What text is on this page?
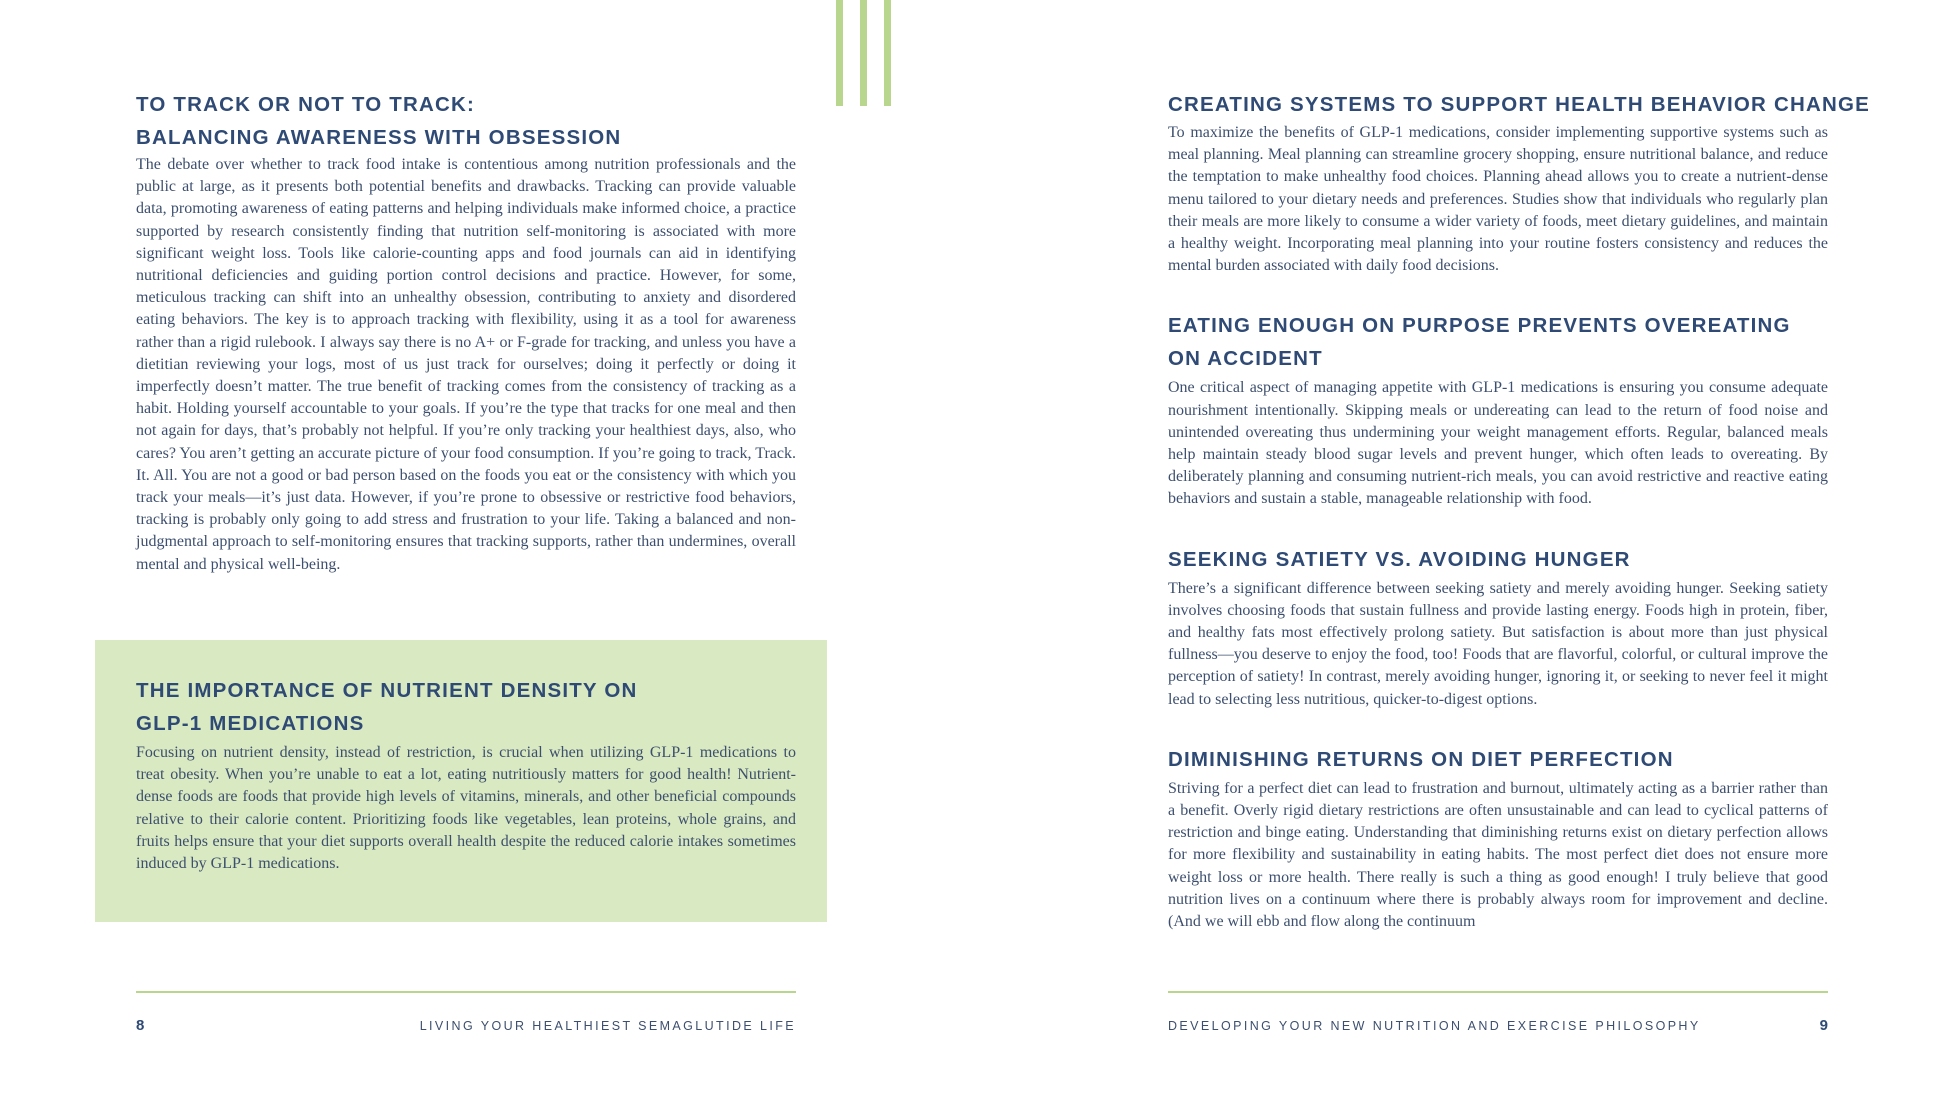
TO TRACK OR NOT TO TRACK:
BALANCING AWARENESS WITH OBSESSION

The debate over whether to track food intake is contentious among nutrition professionals and the public at large, as it presents both potential benefits and drawbacks. Tracking can provide valuable data, promoting awareness of eating patterns and helping individuals make informed choice, a practice supported by research consistently finding that nutrition self-monitoring is associated with more significant weight loss. Tools like calorie-counting apps and food journals can aid in identifying nutritional deficiencies and guiding portion control decisions and practice. However, for some, meticulous tracking can shift into an unhealthy obsession, contributing to anxiety and disordered eating behaviors. The key is to approach tracking with flexibility, using it as a tool for awareness rather than a rigid rulebook. I always say there is no A+ or F-grade for tracking, and unless you have a dietitian reviewing your logs, most of us just track for ourselves; doing it perfectly or doing it imperfectly doesn’t matter. The true benefit of tracking comes from the consistency of tracking as a habit. Holding yourself accountable to your goals. If you’re the type that tracks for one meal and then not again for days, that’s probably not helpful. If you’re only tracking your healthiest days, also, who cares? You aren’t getting an accurate picture of your food consumption. If you’re going to track, Track. It. All. You are not a good or bad person based on the foods you eat or the consistency with which you track your meals—it’s just data. However, if you’re prone to obsessive or restrictive food behaviors, tracking is probably only going to add stress and frustration to your life. Taking a balanced and non-judgmental approach to self-monitoring ensures that tracking supports, rather than undermines, overall mental and physical well-being.

THE IMPORTANCE OF NUTRIENT DENSITY ON
GLP-1 MEDICATIONS

Focusing on nutrient density, instead of restriction, is crucial when utilizing GLP-1 medications to treat obesity. When you’re unable to eat a lot, eating nutritiously matters for good health! Nutrient-dense foods are foods that provide high levels of vitamins, minerals, and other beneficial compounds relative to their calorie content. Prioritizing foods like vegetables, lean proteins, whole grains, and fruits helps ensure that your diet supports overall health despite the reduced calorie intakes sometimes induced by GLP-1 medications.

8	LIVING YOUR HEALTHIEST SEMAGLUTIDE LIFE
CREATING SYSTEMS TO SUPPORT HEALTH BEHAVIOR CHANGE

To maximize the benefits of GLP-1 medications, consider implementing supportive systems such as meal planning. Meal planning can streamline grocery shopping, ensure nutritional balance, and reduce the temptation to make unhealthy food choices. Planning ahead allows you to create a nutrient-dense menu tailored to your dietary needs and preferences. Studies show that individuals who regularly plan their meals are more likely to consume a wider variety of foods, meet dietary guidelines, and maintain a healthy weight. Incorporating meal planning into your routine fosters consistency and reduces the mental burden associated with daily food decisions.

EATING ENOUGH ON PURPOSE PREVENTS OVEREATING
ON ACCIDENT

One critical aspect of managing appetite with GLP-1 medications is ensuring you consume adequate nourishment intentionally. Skipping meals or undereating can lead to the return of food noise and unintended overeating thus undermining your weight management efforts. Regular, balanced meals help maintain steady blood sugar levels and prevent hunger, which often leads to overeating. By deliberately planning and consuming nutrient-rich meals, you can avoid restrictive and reactive eating behaviors and sustain a stable, manageable relationship with food.

SEEKING SATIETY VS. AVOIDING HUNGER

There’s a significant difference between seeking satiety and merely avoiding hunger. Seeking satiety involves choosing foods that sustain fullness and provide lasting energy. Foods high in protein, fiber, and healthy fats most effectively prolong satiety. But satisfaction is about more than just physical fullness—you deserve to enjoy the food, too! Foods that are flavorful, colorful, or cultural improve the perception of satiety! In contrast, merely avoiding hunger, ignoring it, or seeking to never feel it might lead to selecting less nutritious, quicker-to-digest options.

DIMINISHING RETURNS ON DIET PERFECTION

Striving for a perfect diet can lead to frustration and burnout, ultimately acting as a barrier rather than a benefit. Overly rigid dietary restrictions are often unsustainable and can lead to cyclical patterns of restriction and binge eating. Understanding that diminishing returns exist on dietary perfection allows for more flexibility and sustainability in eating habits. The most perfect diet does not ensure more weight loss or more health. There really is such a thing as good enough! I truly believe that good nutrition lives on a continuum where there is probably always room for improvement and decline. (And we will ebb and flow along the continuum

DEVELOPING YOUR NEW NUTRITION AND EXERCISE PHILOSOPHY	9
